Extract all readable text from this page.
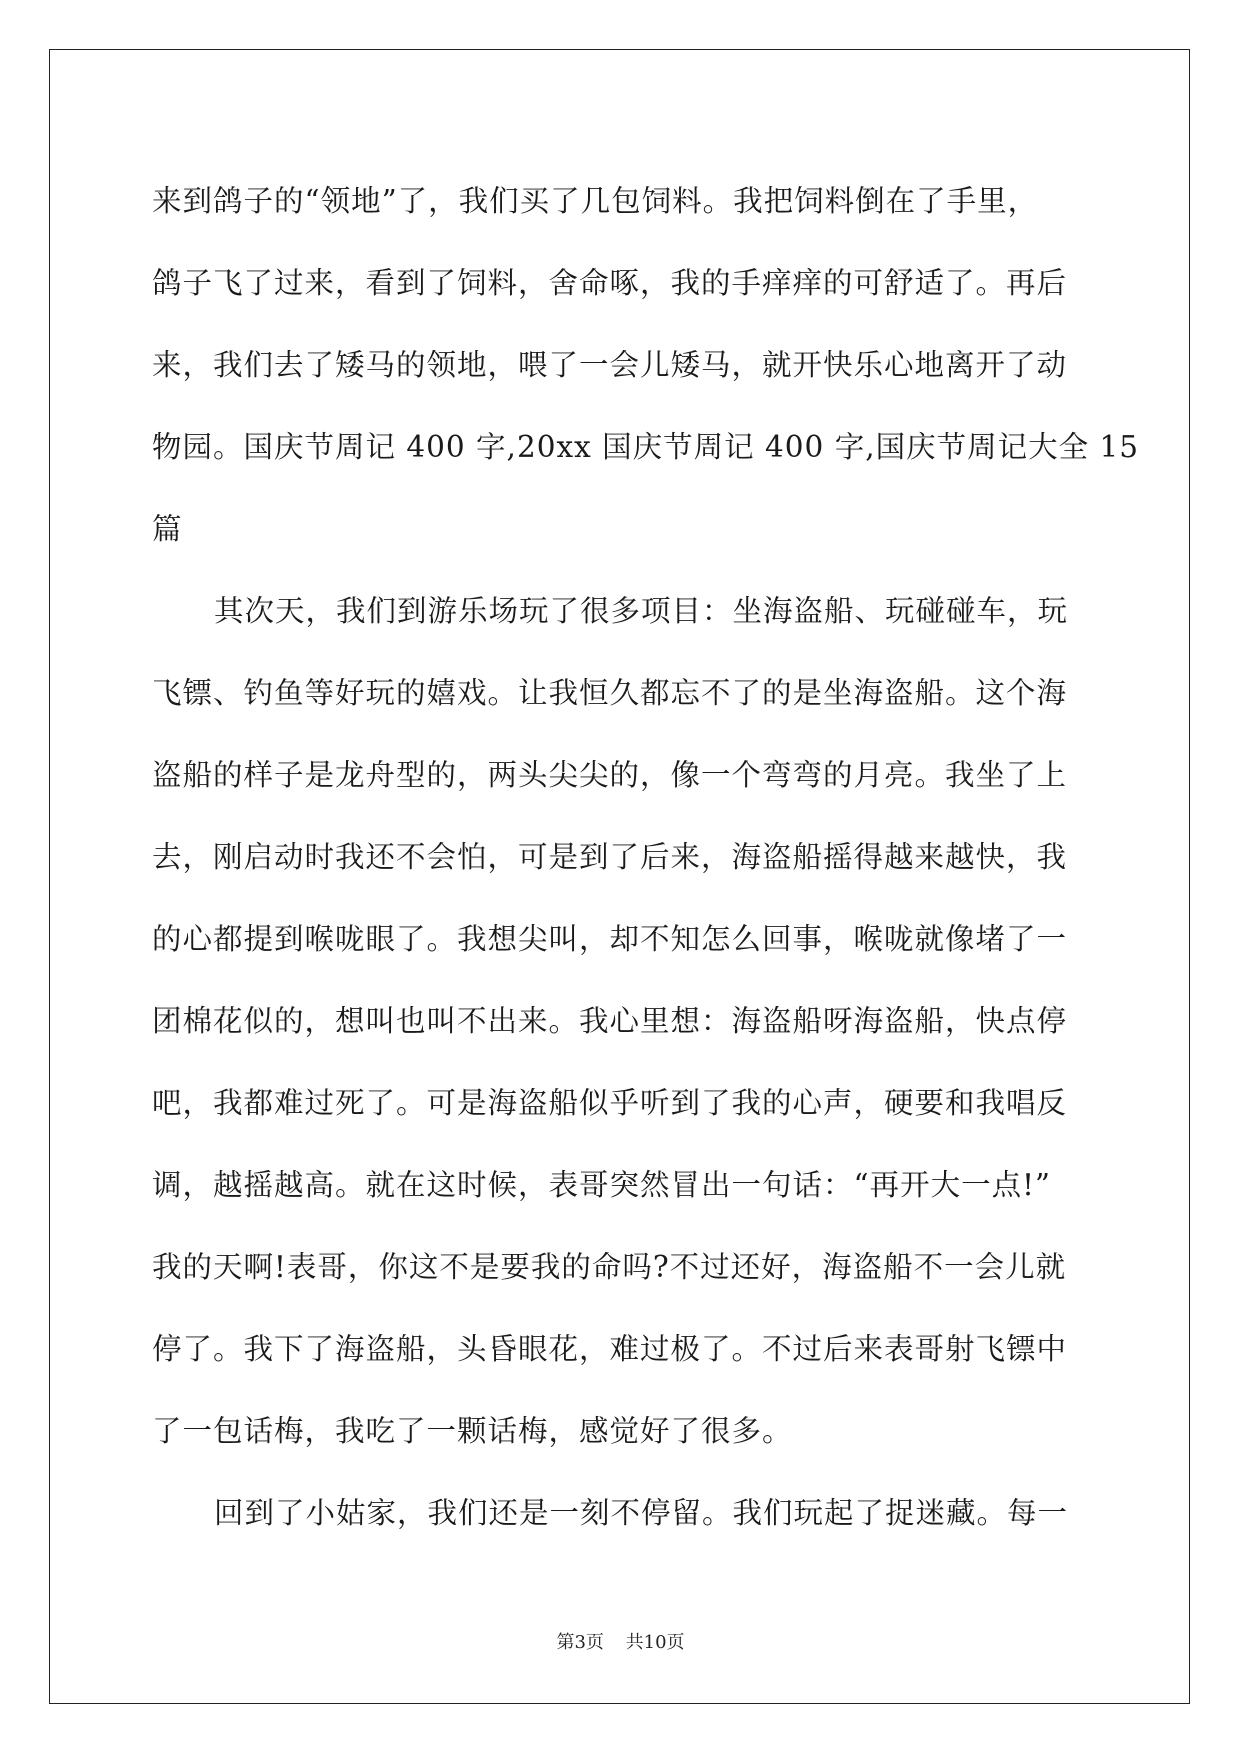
来到鸽子的“领地”了，我们买了几包饲料。我把饲料倒在了手里，
鸽子飞了过来，看到了饲料，舍命啄，我的手痒痒的可舒适了。再后
来，我们去了矮马的领地，喂了一会儿矮马，就开快乐心地离开了动
物园。国庆节周记 400 字,20xx 国庆节周记 400 字,国庆节周记大全 15
篇
其次天，我们到游乐场玩了很多项目：坐海盗船、玩碰碰车，玩
飞镖、钓鱼等好玩的嬉戏。让我恒久都忘不了的是坐海盗船。这个海
盗船的样子是龙舟型的，两头尖尖的，像一个弯弯的月亮。我坐了上
去，刚启动时我还不会怕，可是到了后来，海盗船摇得越来越快，我
的心都提到喉咙眼了。我想尖叫，却不知怎么回事，喉咙就像堵了一
团棉花似的，想叫也叫不出来。我心里想：海盗船呀海盗船，快点停
吧，我都难过死了。可是海盗船似乎听到了我的心声，硬要和我唱反
调，越摇越高。就在这时候，表哥突然冒出一句话：“再开大一点!”
我的天啊!表哥，你这不是要我的命吗?不过还好，海盗船不一会儿就
停了。我下了海盗船，头昏眼花，难过极了。不过后来表哥射飞镖中
了一包话梅，我吃了一颗话梅，感觉好了很多。
回到了小姑家，我们还是一刻不停留。我们玩起了捉迷藏。每一
第3页 共10页
